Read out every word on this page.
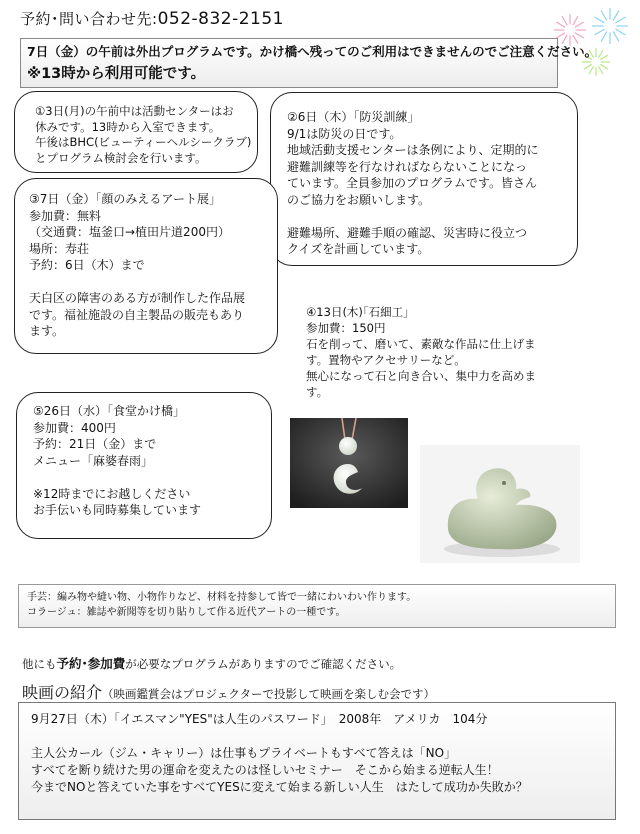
予約･問い合わせ先:052-832-2151
7日（金）の午前は外出プログラムです。かけ橋へ残ってのご利用はできませんのでご注意ください。
※13時から利用可能です。

①3日(月)の午前中は活動センターはお

休みです。13時から入室できます。

午後はBHC(ビューティーヘルシークラブ)

とプログラム検討会を行います。

②6日（木）「防災訓練」

9/1は防災の日です。

地域活動支援センターは条例により、定期的に

避難訓練等を行なければならないことになっ

ています。全員参加のプログラムです。皆さん

のご協力をお願いします。

避難場所、避難手順の確認、災害時に役立つ

クイズを計画しています。

③7日（金）「顔のみえるアート展」

参加費：無料

（交通費：塩釜口→植田片道200円）

場所：寿荘

予約：6日（木）まで

天白区の障害のある方が制作した作品展

です。福祉施設の自主製品の販売もあり

ます。

④13日(木)｢石細工｣

参加費：150円

石を削って、磨いて、素敵な作品に仕上げま

す。置物やアクセサリーなど。

無心になって石と向き合い、集中力を高めま

す。

⑤26日（水）「食堂かけ橋」

参加費：400円

予約：21日（金）まで

メニュー「麻婆春雨」

※12時までにお越しください

お手伝いも同時募集しています

手芸：編み物や縫い物、小物作りなど、材料を持参して皆で一緒にわいわい作ります。

コラージュ：雑誌や新聞等を切り貼りして作る近代アートの一種です。

他にも予約･参加費が必要なプログラムがありますのでご確認ください。
映画の紹介（映画鑑賞会はプロジェクターで投影して映画を楽しむ会です）

9月27日（木）「イエスマン"YES"は人生のパスワード」　2008年　アメリカ　104分

主人公カール（ジム・キャリー）は仕事もプライベートもすべて答えは「NO」

すべてを断り続けた男の運命を変えたのは怪しいセミナー　そこから始まる逆転人生！

今までNOと答えていた事をすべてYESに変えて始まる新しい人生　はたして成功か失敗か？
